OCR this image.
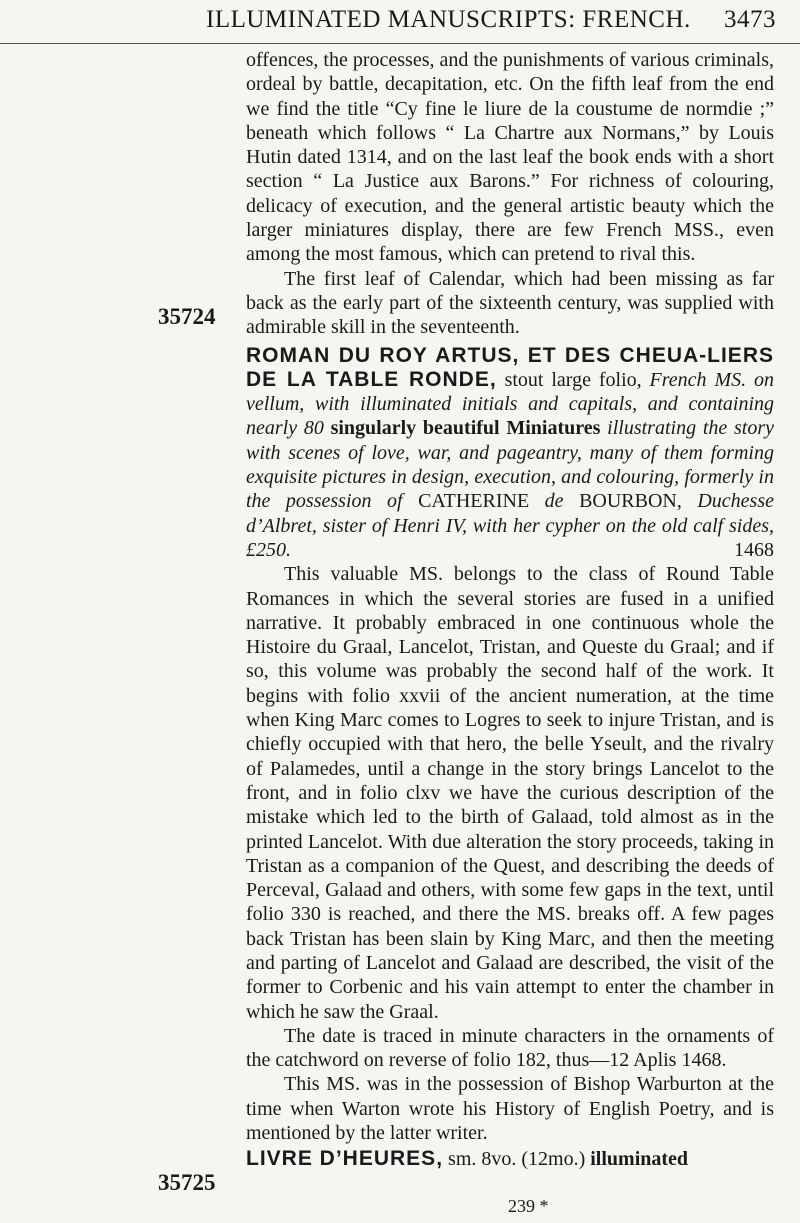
ILLUMINATED MANUSCRIPTS: FRENCH. 3473
35724
35725

offences, the processes, and the punishments of various criminals, ordeal by battle, decapitation, etc. On the fifth leaf from the end we find the title “Cy fine le liure de la coustume de normdie ;” beneath which follows “ La Chartre aux Normans,” by Louis Hutin dated 1314, and on the last leaf the book ends with a short section “ La Justice aux Barons.” For richness of colouring, delicacy of execution, and the general artistic beauty which the larger miniatures display, there are few French MSS., even among the most famous, which can pretend to rival this.

The first leaf of Calendar, which had been missing as far back as the early part of the sixteenth century, was supplied with admirable skill in the seventeenth.

ROMAN DU ROY ARTUS, ET DES CHEUA-LIERS DE LA TABLE RONDE, stout large folio, French MS. on vellum, with illuminated initials and capitals, and containing nearly 80 singularly beautiful Miniatures illustrating the story with scenes of love, war, and pageantry, many of them forming exquisite pictures in design, execution, and colouring, formerly in the possession of CATHERINE de BOURBON, Duchesse d’Albret, sister of Henri IV, with her cypher on the old calf sides, £250.	1468

This valuable MS. belongs to the class of Round Table Romances in which the several stories are fused in a unified narrative. It probably embraced in one continuous whole the Histoire du Graal, Lancelot, Tristan, and Queste du Graal; and if so, this volume was probably the second half of the work. It begins with folio xxvii of the ancient numeration, at the time when King Marc comes to Logres to seek to injure Tristan, and is chiefly occupied with that hero, the belle Yseult, and the rivalry of Palamedes, until a change in the story brings Lancelot to the front, and in folio clxv we have the curious description of the mistake which led to the birth of Galaad, told almost as in the printed Lancelot. With due alteration the story proceeds, taking in Tristan as a companion of the Quest, and describing the deeds of Perceval, Galaad and others, with some few gaps in the text, until folio 330 is reached, and there the MS. breaks off. A few pages back Tristan has been slain by King Marc, and then the meeting and parting of Lancelot and Galaad are described, the visit of the former to Corbenic and his vain attempt to enter the chamber in which he saw the Graal.

The date is traced in minute characters in the ornaments of the catchword on reverse of folio 182, thus—12 Aplis 1468.

This MS. was in the possession of Bishop Warburton at the time when Warton wrote his History of English Poetry, and is mentioned by the latter writer.

LIVRE D’HEURES, sm. 8vo. (12mo.) illuminated

239 *
